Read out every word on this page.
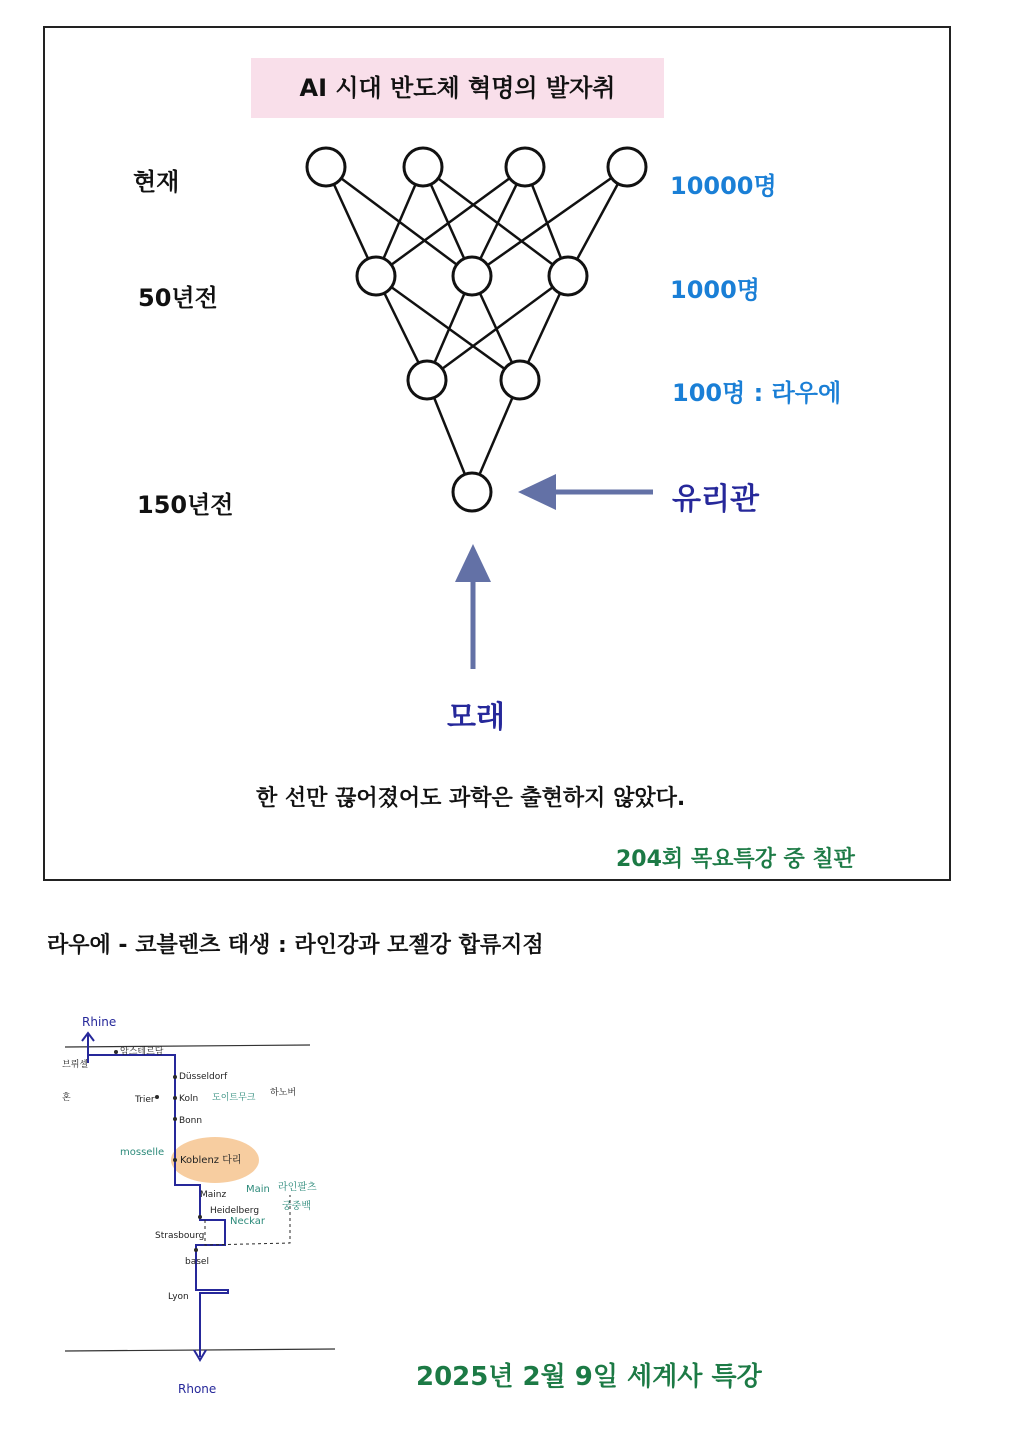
AI 시대 반도체 혁명의 발자취
현재
50년전
150년전
10000명
1000명
100명 : 라우에
유리관
모래
한 선만 끊어졌어도 과학은 출현하지 않았다.
204회 목요특강 중 칠판
라우에 - 코블렌츠 태생 : 라인강과 모젤강 합류지점
Rhine
Rhone
브뤼셀
암스테르담
Düsseldorf
Koln
Bonn
Trier	도이트무크
Koblenz 다리
Mainz
Heidelberg
Strasbourg
basel
Lyon
혼
mosselle
Main 라인팔츠
궁중백
Neckar
하노버
2025년 2월 9일 세계사 특강
